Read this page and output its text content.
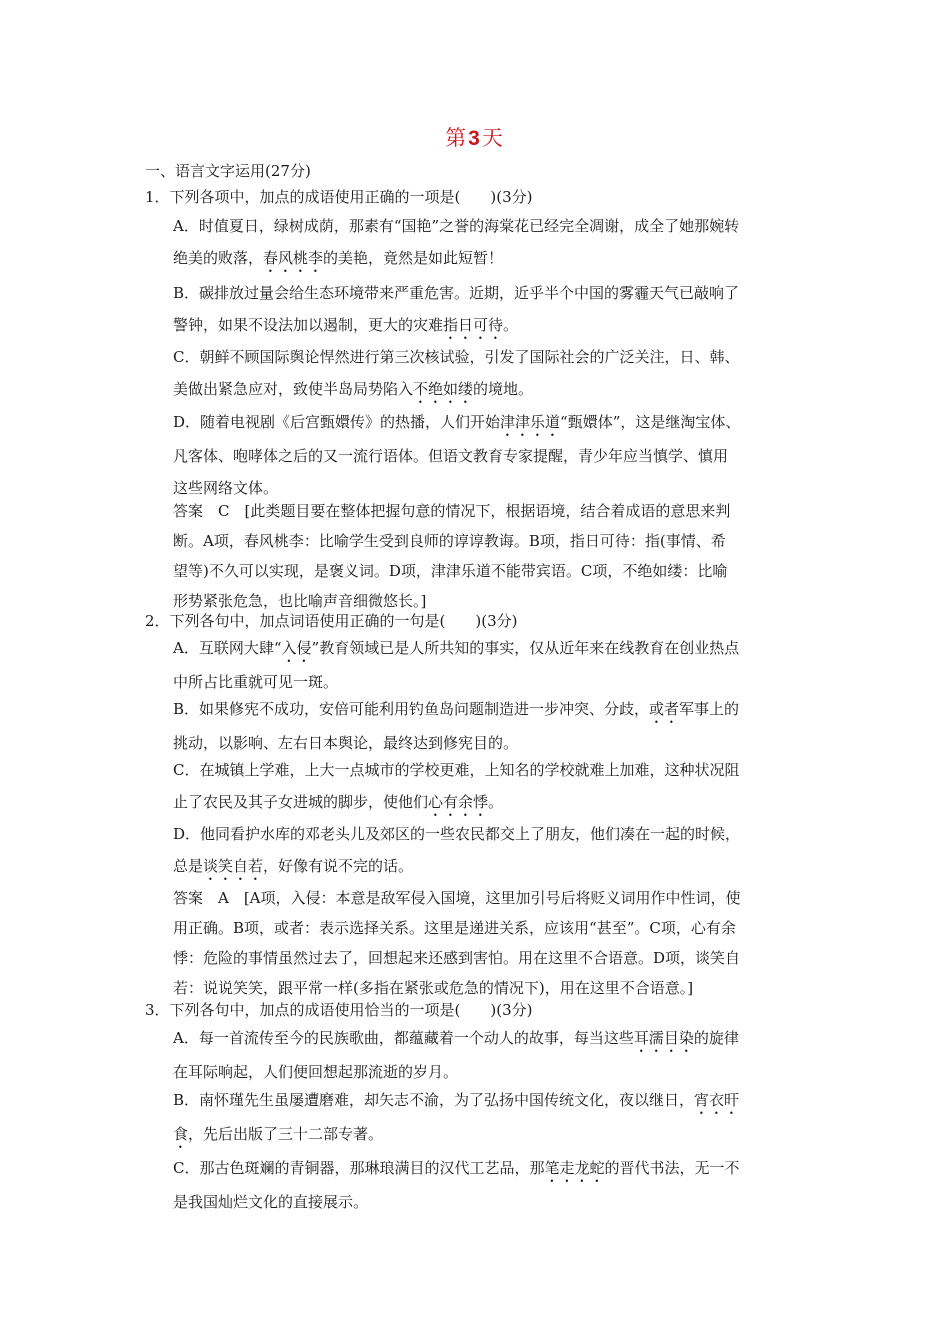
第3天
一、语言文字运用(27分)
1．下列各项中，加点的成语使用正确的一项是(　　)(3分)
A．时值夏日，绿树成荫，那素有“国艳”之誉的海棠花已经完全凋谢，成全了她那婉转
绝美的败落，春风桃李的美艳，竟然是如此短暂！
B．碳排放过量会给生态环境带来严重危害。近期，近乎半个中国的雾霾天气已敲响了
警钟，如果不设法加以遏制，更大的灾难指日可待。
C．朝鲜不顾国际舆论悍然进行第三次核试验，引发了国际社会的广泛关注，日、韩、
美做出紧急应对，致使半岛局势陷入不绝如缕的境地。
D．随着电视剧《后宫甄嬛传》的热播，人们开始津津乐道“甄嬛体”，这是继淘宝体、
凡客体、咆哮体之后的又一流行语体。但语文教育专家提醒，青少年应当慎学、慎用
这些网络文体。
答案　C　[此类题目要在整体把握句意的情况下，根据语境，结合着成语的意思来判
断。A项，春风桃李：比喻学生受到良师的谆谆教诲。B项，指日可待：指(事情、希
望等)不久可以实现，是褒义词。D项，津津乐道不能带宾语。C项，不绝如缕：比喻
形势紧张危急，也比喻声音细微悠长。]
2．下列各句中，加点词语使用正确的一句是(　　)(3分)
A．互联网大肆“入侵”教育领域已是人所共知的事实，仅从近年来在线教育在创业热点
中所占比重就可见一斑。
B．如果修宪不成功，安倍可能利用钓鱼岛问题制造进一步冲突、分歧，或者军事上的
挑动，以影响、左右日本舆论，最终达到修宪目的。
C．在城镇上学难，上大一点城市的学校更难，上知名的学校就难上加难，这种状况阻
止了农民及其子女进城的脚步，使他们心有余悸。
D．他同看护水库的邓老头儿及郊区的一些农民都交上了朋友，他们凑在一起的时候，
总是谈笑自若，好像有说不完的话。
答案　A　[A项，入侵：本意是敌军侵入国境，这里加引号后将贬义词用作中性词，使
用正确。B项，或者：表示选择关系。这里是递进关系，应该用“甚至”。C项，心有余
悸：危险的事情虽然过去了，回想起来还感到害怕。用在这里不合语意。D项，谈笑自
若：说说笑笑，跟平常一样(多指在紧张或危急的情况下)，用在这里不合语意。]
3．下列各句中，加点的成语使用恰当的一项是(　　)(3分)
A．每一首流传至今的民族歌曲，都蕴藏着一个动人的故事，每当这些耳濡目染的旋律
在耳际响起，人们便回想起那流逝的岁月。
B．南怀瑾先生虽屡遭磨难，却矢志不渝，为了弘扬中国传统文化，夜以继日，宵衣旰
食，先后出版了三十二部专著。
C．那古色斑斓的青铜器，那琳琅满目的汉代工艺品，那笔走龙蛇的晋代书法，无一不
是我国灿烂文化的直接展示。
